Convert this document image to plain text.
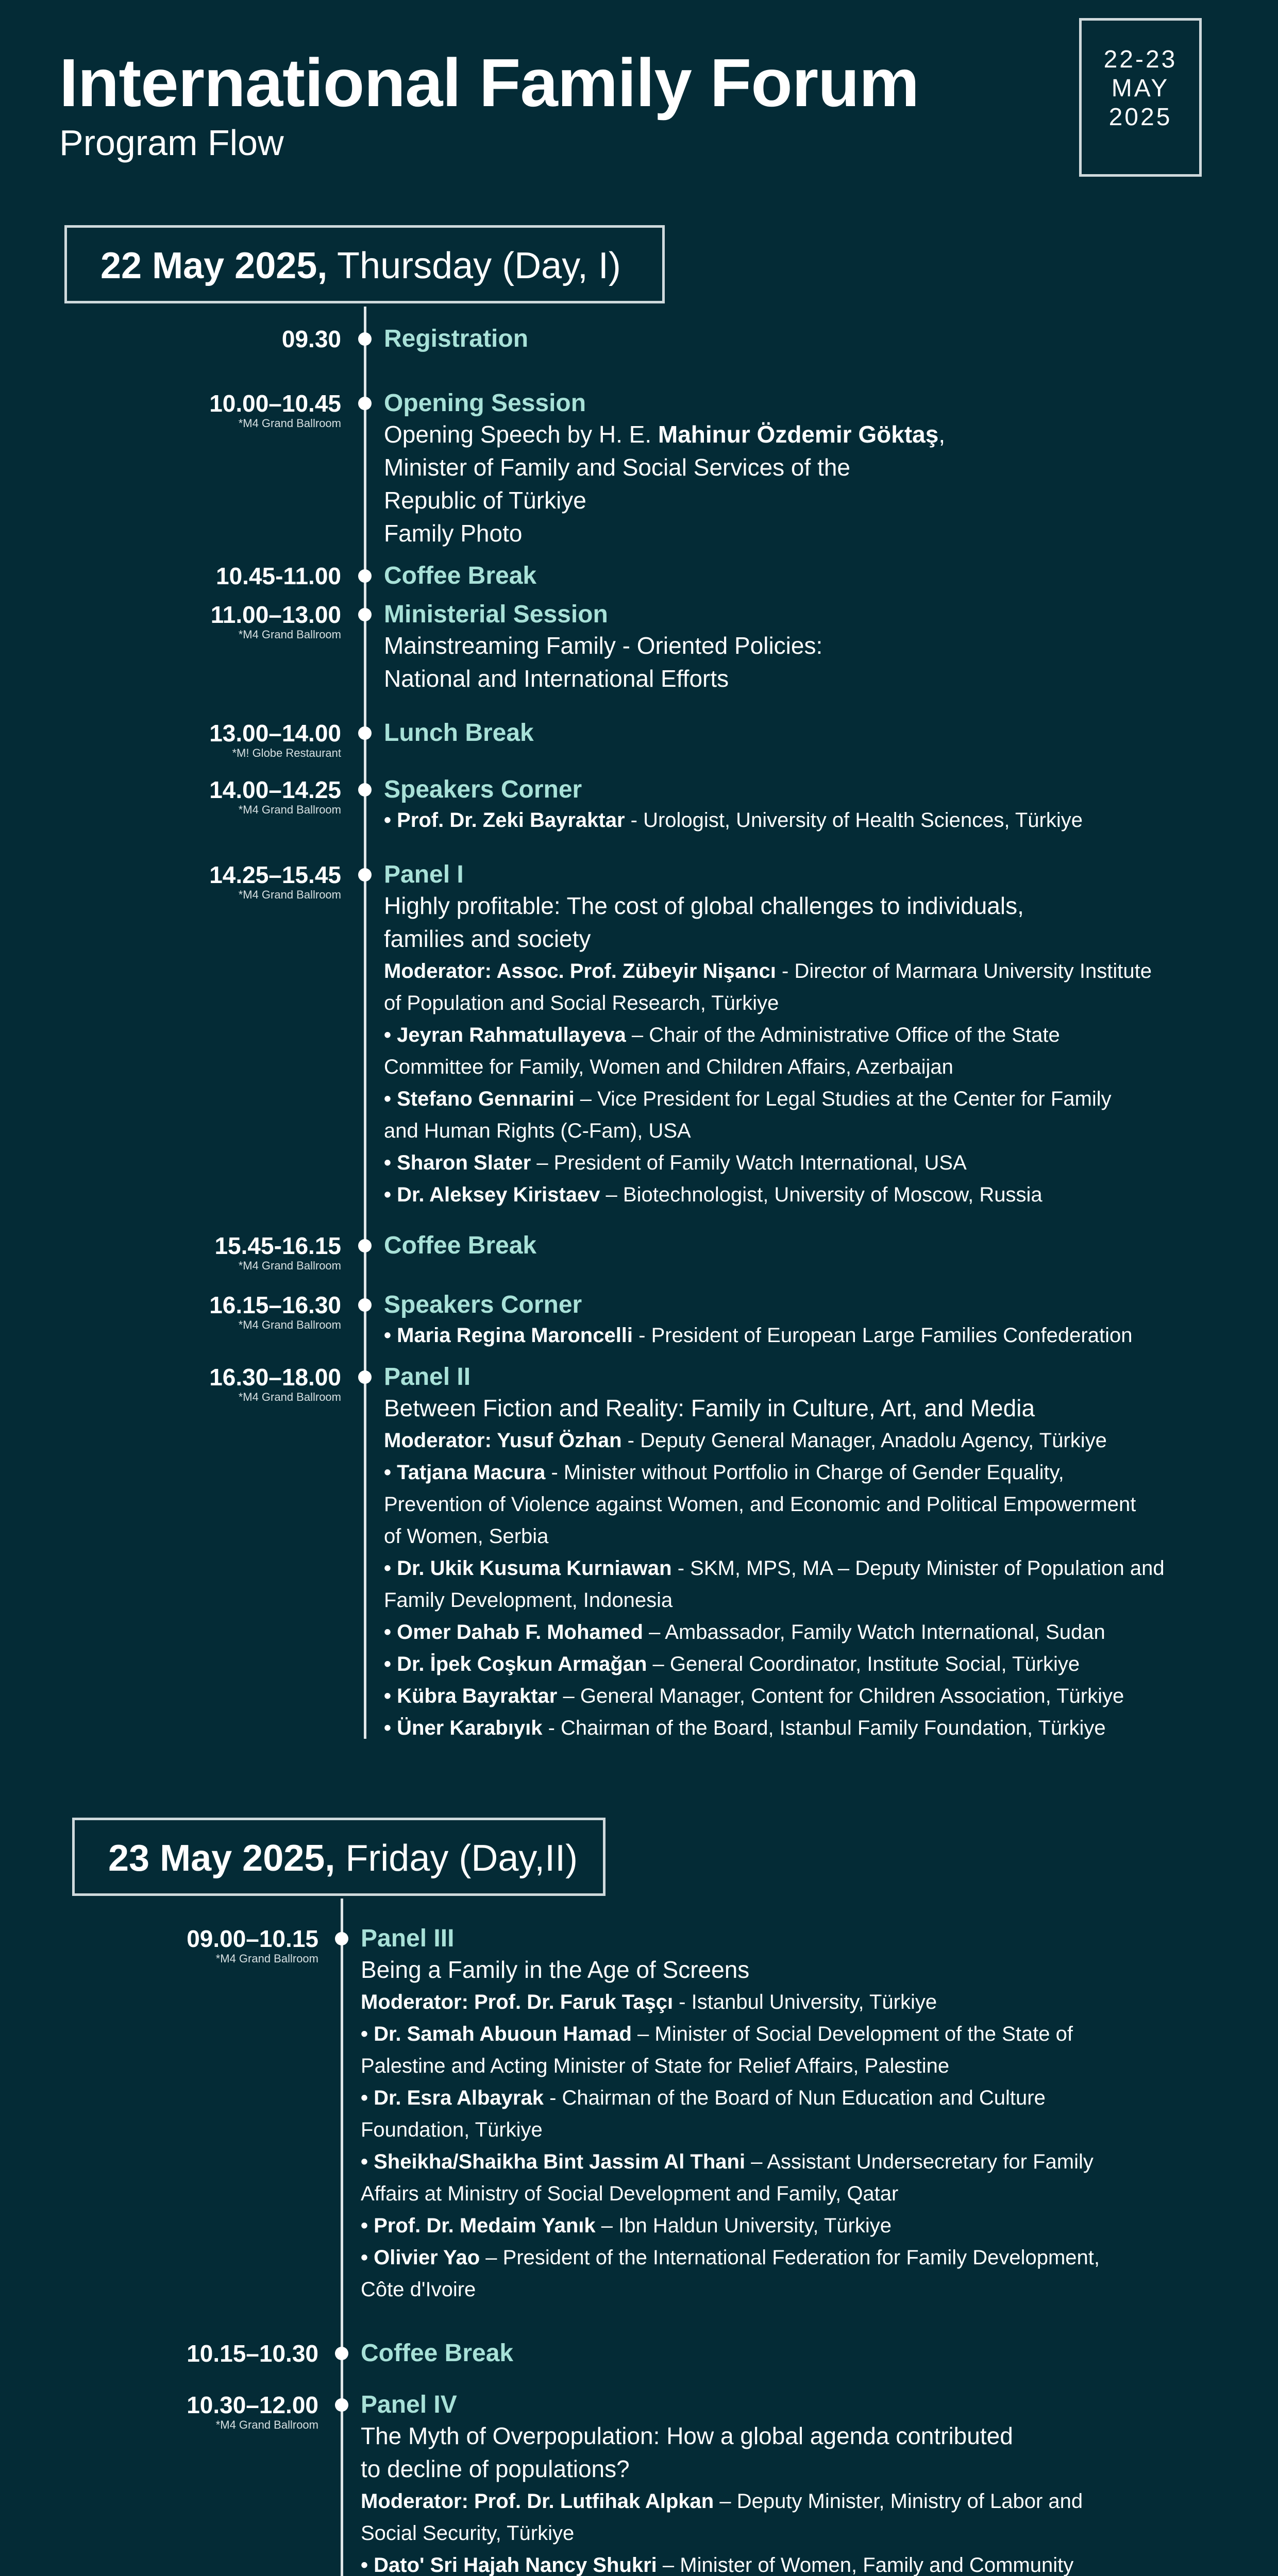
International Family Forum
Program Flow
22-23
MAY
2025
22 May 2025, Thursday (Day, I)
09.30 Registration
10.00–10.45
*M4 Grand Ballroom
Opening Session
Opening Speech by H. E. Mahinur Özdemir Göktaş,
Minister of Family and Social Services of the
Republic of Türkiye
Family Photo
10.45-11.00 Coffee Break
11.00–13.00
*M4 Grand Ballroom
Ministerial Session
Mainstreaming Family - Oriented Policies:
National and International Efforts
13.00–14.00
*M! Globe Restaurant
Lunch Break
14.00–14.25
*M4 Grand Ballroom
Speakers Corner
• Prof. Dr. Zeki Bayraktar - Urologist, University of Health Sciences, Türkiye
14.25–15.45
*M4 Grand Ballroom
Panel I
Highly profitable: The cost of global challenges to individuals,
families and society
Moderator: Assoc. Prof. Zübeyir Nişancı - Director of Marmara University Institute
of Population and Social Research, Türkiye
• Jeyran Rahmatullayeva – Chair of the Administrative Office of the State
Committee for Family, Women and Children Affairs, Azerbaijan
• Stefano Gennarini – Vice President for Legal Studies at the Center for Family
and Human Rights (C-Fam), USA
• Sharon Slater – President of Family Watch International, USA
• Dr. Aleksey Kiristaev – Biotechnologist, University of Moscow, Russia
15.45-16.15
*M4 Grand Ballroom
Coffee Break
16.15–16.30
*M4 Grand Ballroom
Speakers Corner
• Maria Regina Maroncelli - President of European Large Families Confederation
16.30–18.00
*M4 Grand Ballroom
Panel II
Between Fiction and Reality: Family in Culture, Art, and Media
Moderator: Yusuf Özhan - Deputy General Manager, Anadolu Agency, Türkiye
• Tatjana Macura - Minister without Portfolio in Charge of Gender Equality,
Prevention of Violence against Women, and Economic and Political Empowerment
of Women, Serbia
• Dr. Ukik Kusuma Kurniawan - SKM, MPS, MA – Deputy Minister of Population and
Family Development, Indonesia
• Omer Dahab F. Mohamed – Ambassador, Family Watch International, Sudan
• Dr. İpek Coşkun Armağan – General Coordinator, Institute Social, Türkiye
• Kübra Bayraktar – General Manager, Content for Children Association, Türkiye
• Üner Karabıyık - Chairman of the Board, Istanbul Family Foundation, Türkiye
23 May 2025, Friday (Day,II)
09.00–10.15
*M4 Grand Ballroom
Panel III
Being a Family in the Age of Screens
Moderator: Prof. Dr. Faruk Taşçı - Istanbul University, Türkiye
• Dr. Samah Abuoun Hamad – Minister of Social Development of the State of
Palestine and Acting Minister of State for Relief Affairs, Palestine
• Dr. Esra Albayrak - Chairman of the Board of Nun Education and Culture
Foundation, Türkiye
• Sheikha/Shaikha Bint Jassim Al Thani – Assistant Undersecretary for Family
Affairs at Ministry of Social Development and Family, Qatar
• Prof. Dr. Medaim Yanık – Ibn Haldun University, Türkiye
• Olivier Yao – President of the International Federation for Family Development,
Côte d'Ivoire
10.15–10.30 Coffee Break
10.30–12.00
*M4 Grand Ballroom
Panel IV
The Myth of Overpopulation: How a global agenda contributed
to decline of populations?
Moderator: Prof. Dr. Lutfihak Alpkan – Deputy Minister, Ministry of Labor and
Social Security, Türkiye
• Dato' Sri Hajah Nancy Shukri – Minister of Women, Family and Community
